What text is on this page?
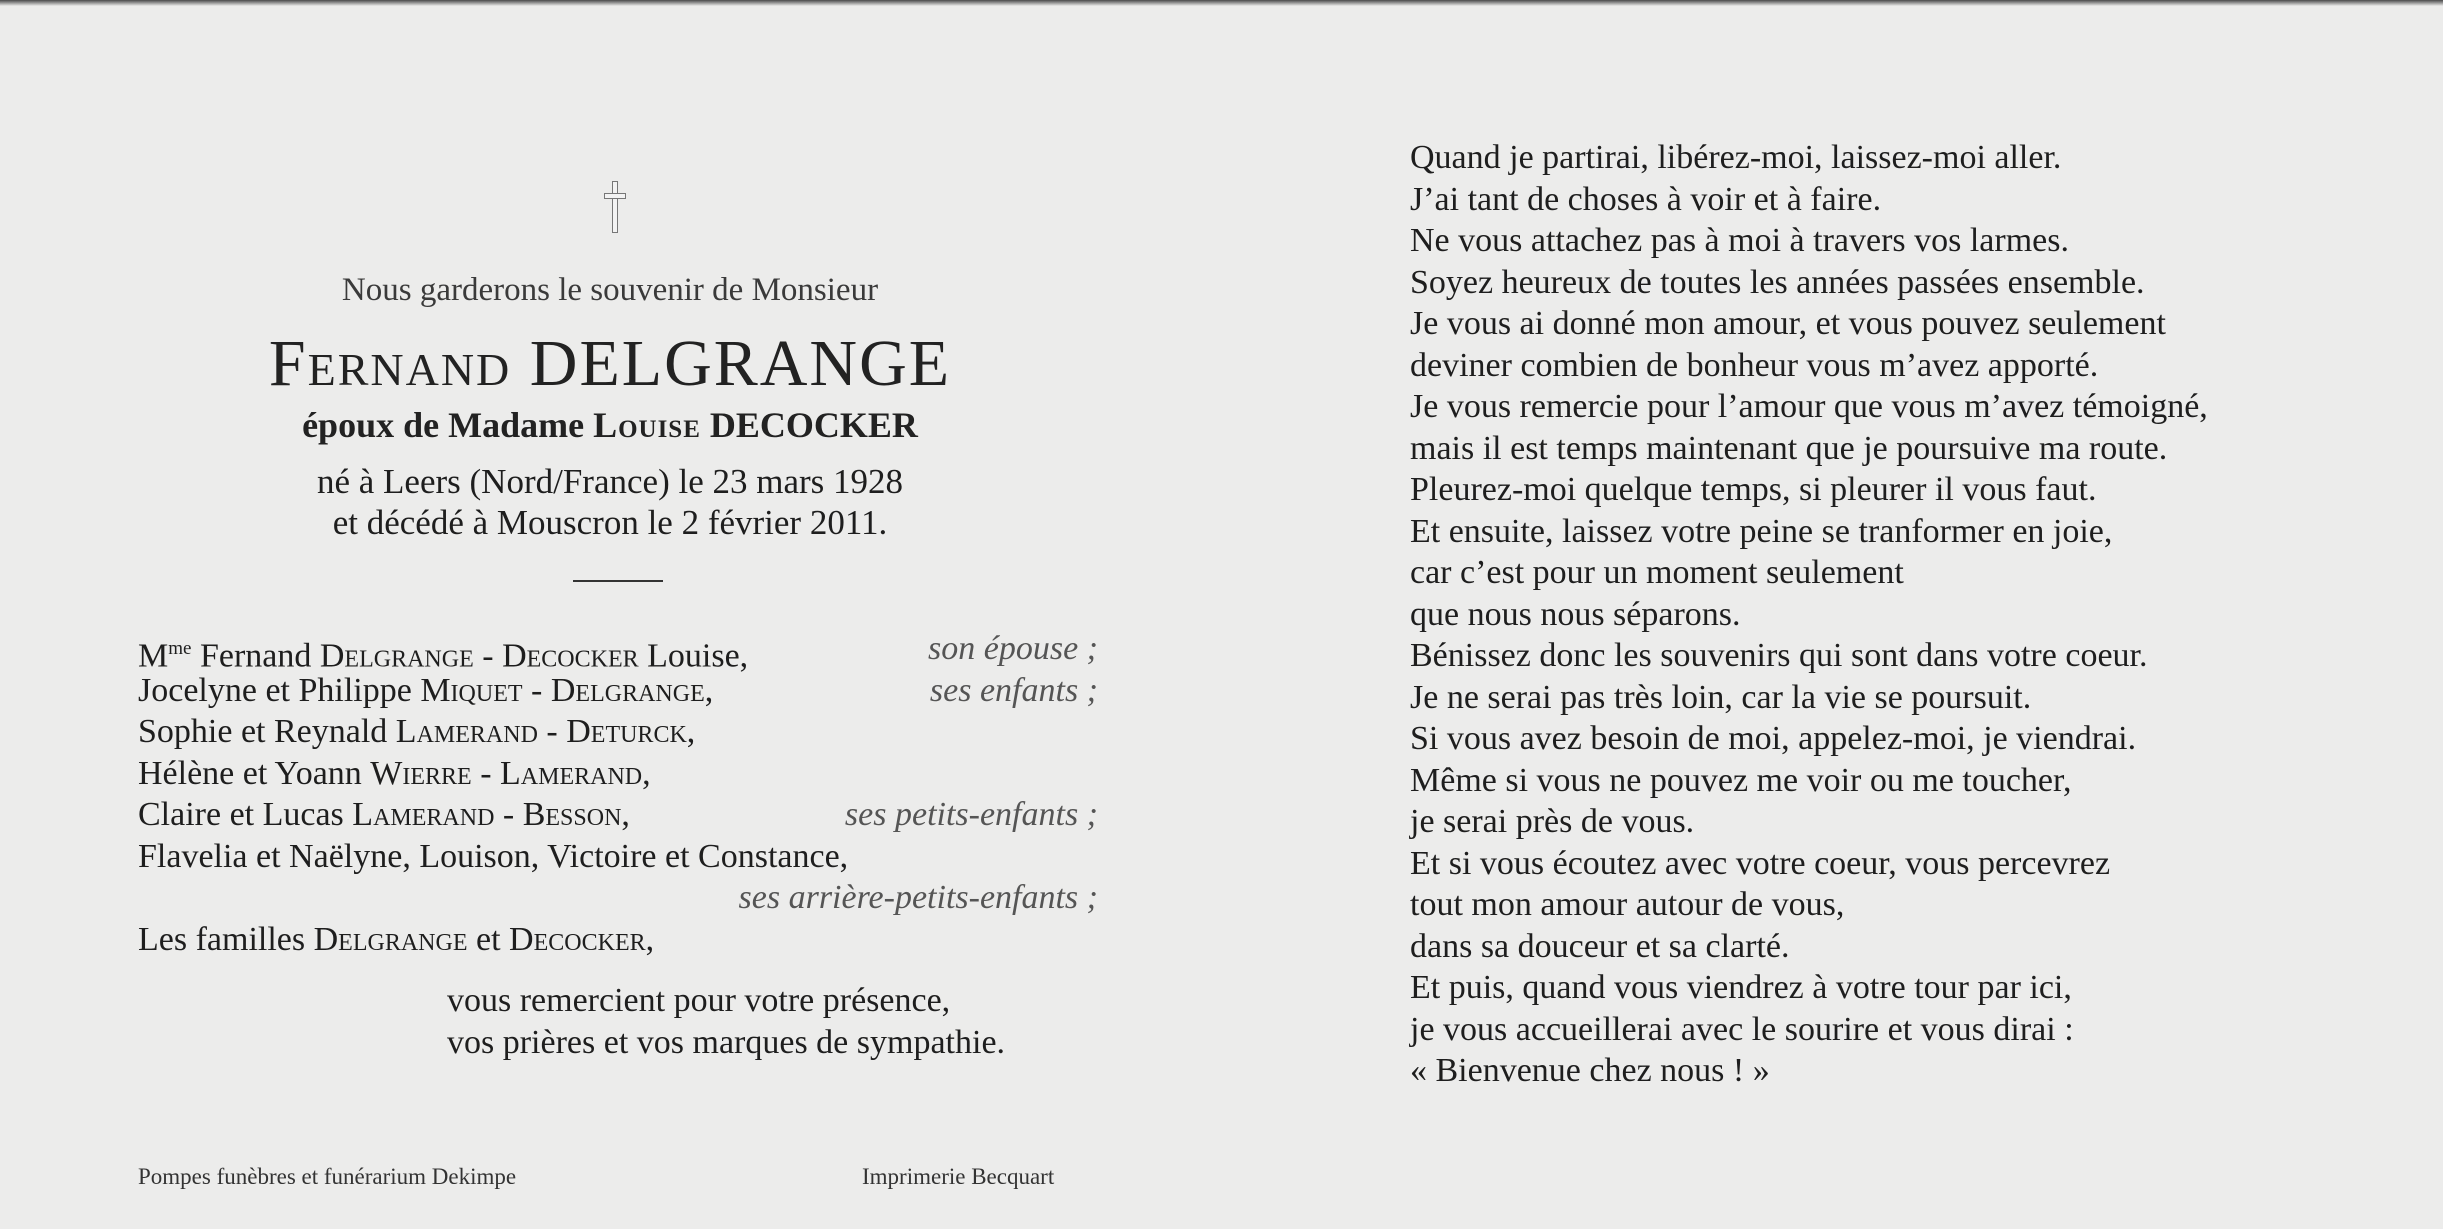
Nous garderons le souvenir de Monsieur
Fernand DELGRANGE
époux de Madame Louise DECOCKER
né à Leers (Nord/France) le 23 mars 1928
et décédé à Mouscron le 2 février 2011.
$M^{me}$ Fernand Delgrange - Decocker Louise,	son épouse ;
Jocelyne et Philippe Miquet - Delgrange,	ses enfants ;
Sophie et Reynald Lamerand - Deturck,
Hélène et Yoann Wierre - Lamerand,
Claire et Lucas Lamerand - Besson,	ses petits-enfants ;
Flavelia et Naëlyne, Louison, Victoire et Constance,
ses arrière-petits-enfants ;
Les familles Delgrange et Decocker,
vous remercient pour votre présence,
vos prières et vos marques de sympathie.
Pompes funèbres et funérarium Dekimpe	Imprimerie Becquart
Quand je partirai, libérez-moi, laissez-moi aller.
J’ai tant de choses à voir et à faire.
Ne vous attachez pas à moi à travers vos larmes.
Soyez heureux de toutes les années passées ensemble.
Je vous ai donné mon amour, et vous pouvez seulement
deviner combien de bonheur vous m’avez apporté.
Je vous remercie pour l’amour que vous m’avez témoigné,
mais il est temps maintenant que je poursuive ma route.
Pleurez-moi quelque temps, si pleurer il vous faut.
Et ensuite, laissez votre peine se tranformer en joie,
car c’est pour un moment seulement
que nous nous séparons.
Bénissez donc les souvenirs qui sont dans votre coeur.
Je ne serai pas très loin, car la vie se poursuit.
Si vous avez besoin de moi, appelez-moi, je viendrai.
Même si vous ne pouvez me voir ou me toucher,
je serai près de vous.
Et si vous écoutez avec votre coeur, vous percevrez
tout mon amour autour de vous,
dans sa douceur et sa clarté.
Et puis, quand vous viendrez à votre tour par ici,
je vous accueillerai avec le sourire et vous dirai :
« Bienvenue chez nous ! »
